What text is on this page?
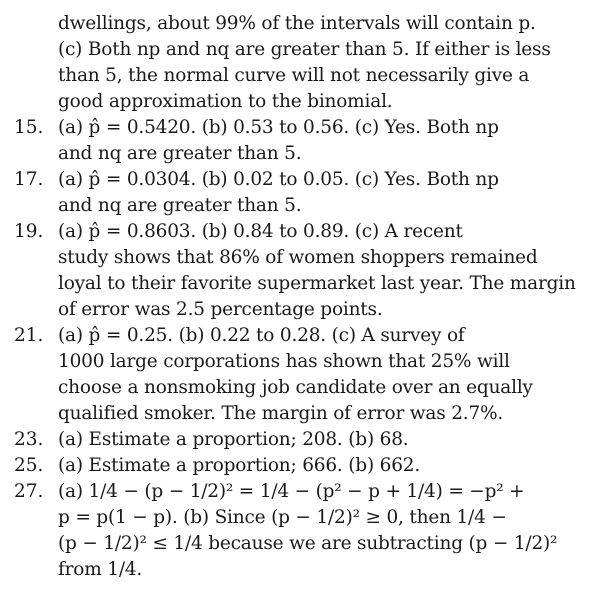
dwellings, about 99% of the intervals will contain p.
(c) Both np and nq are greater than 5. If either is less
than 5, the normal curve will not necessarily give a
good approximation to the binomial.
15. (a) p̂ = 0.5420. (b) 0.53 to 0.56. (c) Yes. Both np
and nq are greater than 5.
17. (a) p̂ = 0.0304. (b) 0.02 to 0.05. (c) Yes. Both np
and nq are greater than 5.
19. (a) p̂ = 0.8603. (b) 0.84 to 0.89. (c) A recent
study shows that 86% of women shoppers remained
loyal to their favorite supermarket last year. The margin
of error was 2.5 percentage points.
21. (a) p̂ = 0.25. (b) 0.22 to 0.28. (c) A survey of
1000 large corporations has shown that 25% will
choose a nonsmoking job candidate over an equally
qualified smoker. The margin of error was 2.7%.
23. (a) Estimate a proportion; 208. (b) 68.
25. (a) Estimate a proportion; 666. (b) 662.
27. (a) 1/4 − (p − 1/2)² = 1/4 − (p² − p + 1/4) = −p² +
p = p(1 − p). (b) Since (p − 1/2)² ≥ 0, then 1/4 −
(p − 1/2)² ≤ 1/4 because we are subtracting (p − 1/2)²
from 1/4.
